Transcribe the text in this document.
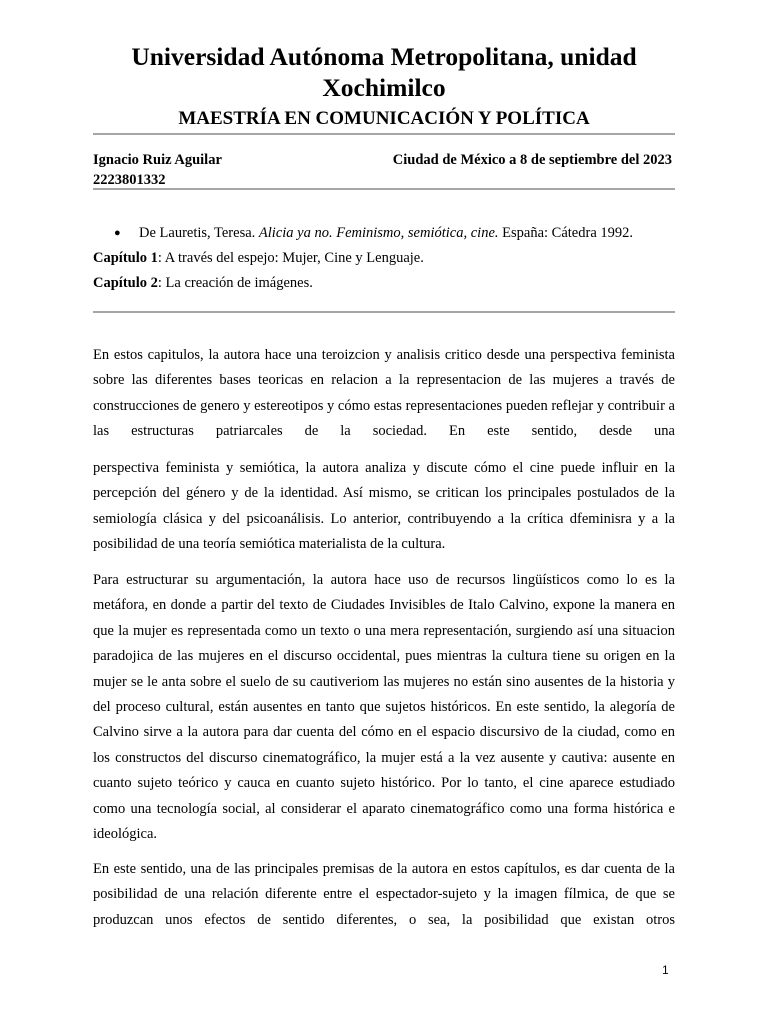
Universidad Autónoma Metropolitana, unidad Xochimilco
MAESTRÍA EN COMUNICACIÓN Y POLÍTICA
Ignacio Ruiz Aguilar
2223801332
Ciudad de México a 8 de septiembre del 2023
● De Lauretis, Teresa. Alicia ya no. Feminismo, semiótica, cine. España: Cátedra 1992.
Capítulo 1: A través del espejo: Mujer, Cine y Lenguaje.
Capítulo 2: La creación de imágenes.

En estos capitulos, la autora hace una teroizcion y analisis critico desde una perspectiva feminista sobre las diferentes bases teoricas en relacion a la representacion de las mujeres a través de construcciones de genero y estereotipos y cómo estas representaciones pueden reflejar y contribuir a las estructuras patriarcales de la sociedad. En este sentido, desde una

perspectiva feminista y semiótica, la autora analiza y discute cómo el cine puede influir en la percepción del género y de la identidad. Así mismo, se critican los principales postulados de la semiología clásica y del psicoanálisis. Lo anterior, contribuyendo a la crítica dfeminisra y a la posibilidad de una teoría semiótica materialista de la cultura.

Para estructurar su argumentación, la autora hace uso de recursos lingüísticos como lo es la metáfora, en donde a partir del texto de Ciudades Invisibles de Italo Calvino, expone la manera en que la mujer es representada como un texto o una mera representación, surgiendo así una situacion paradojica de las mujeres en el discurso occidental, pues mientras la cultura tiene su origen en la mujer se le anta sobre el suelo de su cautiveriom las mujeres no están sino ausentes de la historia y del proceso cultural, están ausentes en tanto que sujetos históricos. En este sentido, la alegoría de Calvino sirve a la autora para dar cuenta del cómo en el espacio discursivo de la ciudad, como en los constructos del discurso cinematográfico, la mujer está a la vez ausente y cautiva: ausente en cuanto sujeto teórico y cauca en cuanto sujeto histórico. Por lo tanto, el cine aparece estudiado como una tecnología social, al considerar el aparato cinematográfico como una forma histórica e ideológica.

En este sentido, una de las principales premisas de la autora en estos capítulos, es dar cuenta de la posibilidad de una relación diferente entre el espectador-sujeto y la imagen fílmica, de que se produzcan unos efectos de sentido diferentes, o sea, la posibilidad que existan otros

1
